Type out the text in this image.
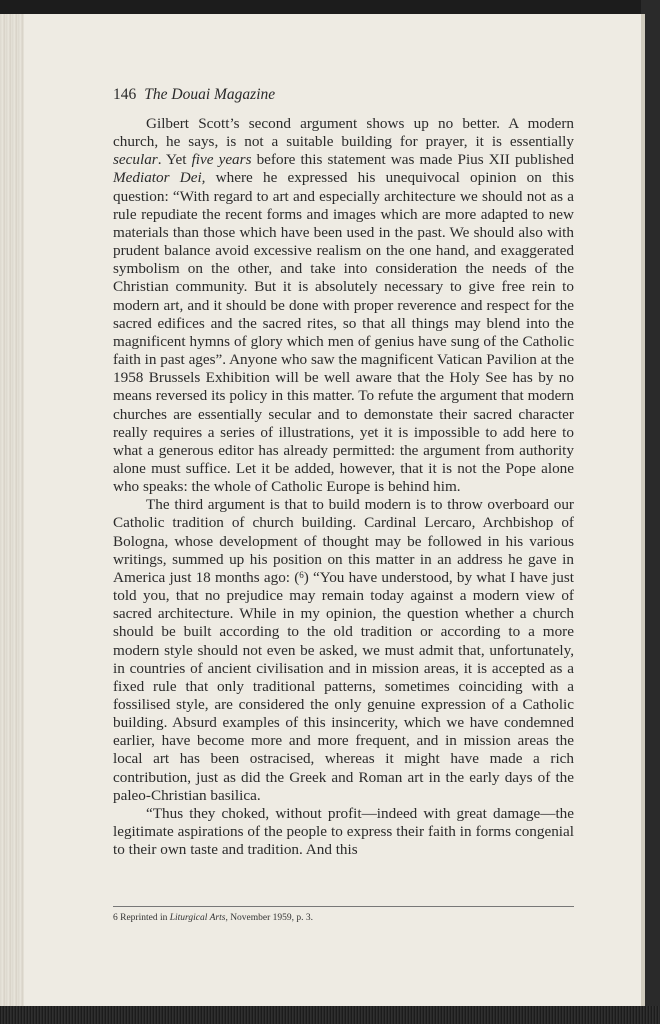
146 The Douai Magazine

Gilbert Scott’s second argument shows up no better. A modern church, he says, is not a suitable building for prayer, it is essentially secular. Yet five years before this statement was made Pius XII published Mediator Dei, where he expressed his unequivocal opinion on this question: “With regard to art and especially architecture we should not as a rule repudiate the recent forms and images which are more adapted to new materials than those which have been used in the past. We should also with prudent balance avoid excessive realism on the one hand, and exaggerated symbolism on the other, and take into consideration the needs of the Christian community. But it is absolutely necessary to give free rein to modern art, and it should be done with proper reverence and respect for the sacred edifices and the sacred rites, so that all things may blend into the magnificent hymns of glory which men of genius have sung of the Catholic faith in past ages”. Anyone who saw the magnificent Vatican Pavilion at the 1958 Brussels Exhibition will be well aware that the Holy See has by no means reversed its policy in this matter. To refute the argument that modern churches are essentially secular and to demonstate their sacred character really requires a series of illustrations, yet it is impossible to add here to what a generous editor has already permitted: the argument from authority alone must suffice. Let it be added, however, that it is not the Pope alone who speaks: the whole of Catholic Europe is behind him.

The third argument is that to build modern is to throw overboard our Catholic tradition of church building. Cardinal Lercaro, Archbishop of Bologna, whose development of thought may be followed in his various writings, summed up his position on this matter in an address he gave in America just 18 months ago: ($^6$) “You have understood, by what I have just told you, that no prejudice may remain today against a modern view of sacred architecture. While in my opinion, the question whether a church should be built according to the old tradition or according to a more modern style should not even be asked, we must admit that, unfortunately, in countries of ancient civilisation and in mission areas, it is accepted as a fixed rule that only traditional patterns, sometimes coinciding with a fossilised style, are considered the only genuine expression of a Catholic building. Absurd examples of this insincerity, which we have condemned earlier, have become more and more frequent, and in mission areas the local art has been ostracised, whereas it might have made a rich contribution, just as did the Greek and Roman art in the early days of the paleo-Christian basilica.

“Thus they choked, without profit—indeed with great damage—the legitimate aspirations of the people to express their faith in forms congenial to their own taste and tradition. And this

6 Reprinted in Liturgical Arts, November 1959, p. 3.
